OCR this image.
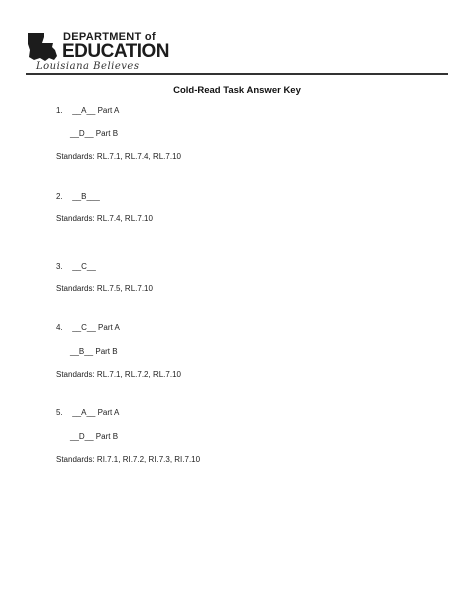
DEPARTMENT of
EDUCATION
Louisiana Believes
Cold-Read Task Answer Key
1. __A__ Part A
__D__ Part B
Standards: RL.7.1, RL.7.4, RL.7.10
2. __B___
Standards: RL.7.4, RL.7.10
3. __C__
Standards: RL.7.5, RL.7.10
4. __C__ Part A
__B__ Part B
Standards: RL.7.1, RL.7.2, RL.7.10
5. __A__ Part A
__D__ Part B
Standards: RI.7.1, RI.7.2, RI.7.3, RI.7.10
